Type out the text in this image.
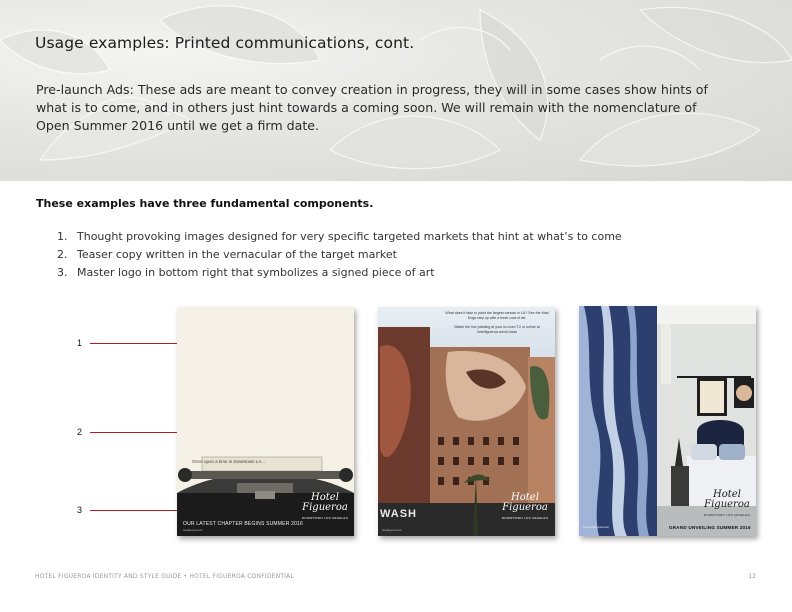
Usage examples: Printed communications, cont.

Pre-launch Ads: These ads are meant to convey creation in progress, they will in some cases show hints of what is to come, and in others just hint towards a coming soon. We will remain with the nomenclature of Open Summer 2016 until we get a firm date.

These examples have three fundamental components.

1. Thought provoking images designed for very specific targeted markets that hint at what’s to come
2. Teaser copy written in the vernacular of the target market
3. Master logo in bottom right that symbolizes a signed piece of art
1
2
3
Once upon a time in Downtown LA...
OUR LATEST CHAPTER BEGINS SUMMER 2016
hotelfigueroa.com
Hotel Figueroa
DOWNTOWN LOS ANGELES
What does it take to paint the largest canvas in LA? See the Mad Dogs step up with a fresh coat of art.
Watch the live painting at your in-room TV or online at hotelfigueroa.com/Lowan
WASH
hotelfigueroa.com
Hotel Figueroa
DOWNTOWN LOS ANGELES
GRAND UNVEILING SUMMER 2016
www.hotelfigueroa.com
Hotel Figueroa
DOWNTOWN LOS ANGELES
HOTEL FIGUEROA IDENTITY AND STYLE GUIDE • HOTEL FIGUEROA CONFIDENTIAL	12
